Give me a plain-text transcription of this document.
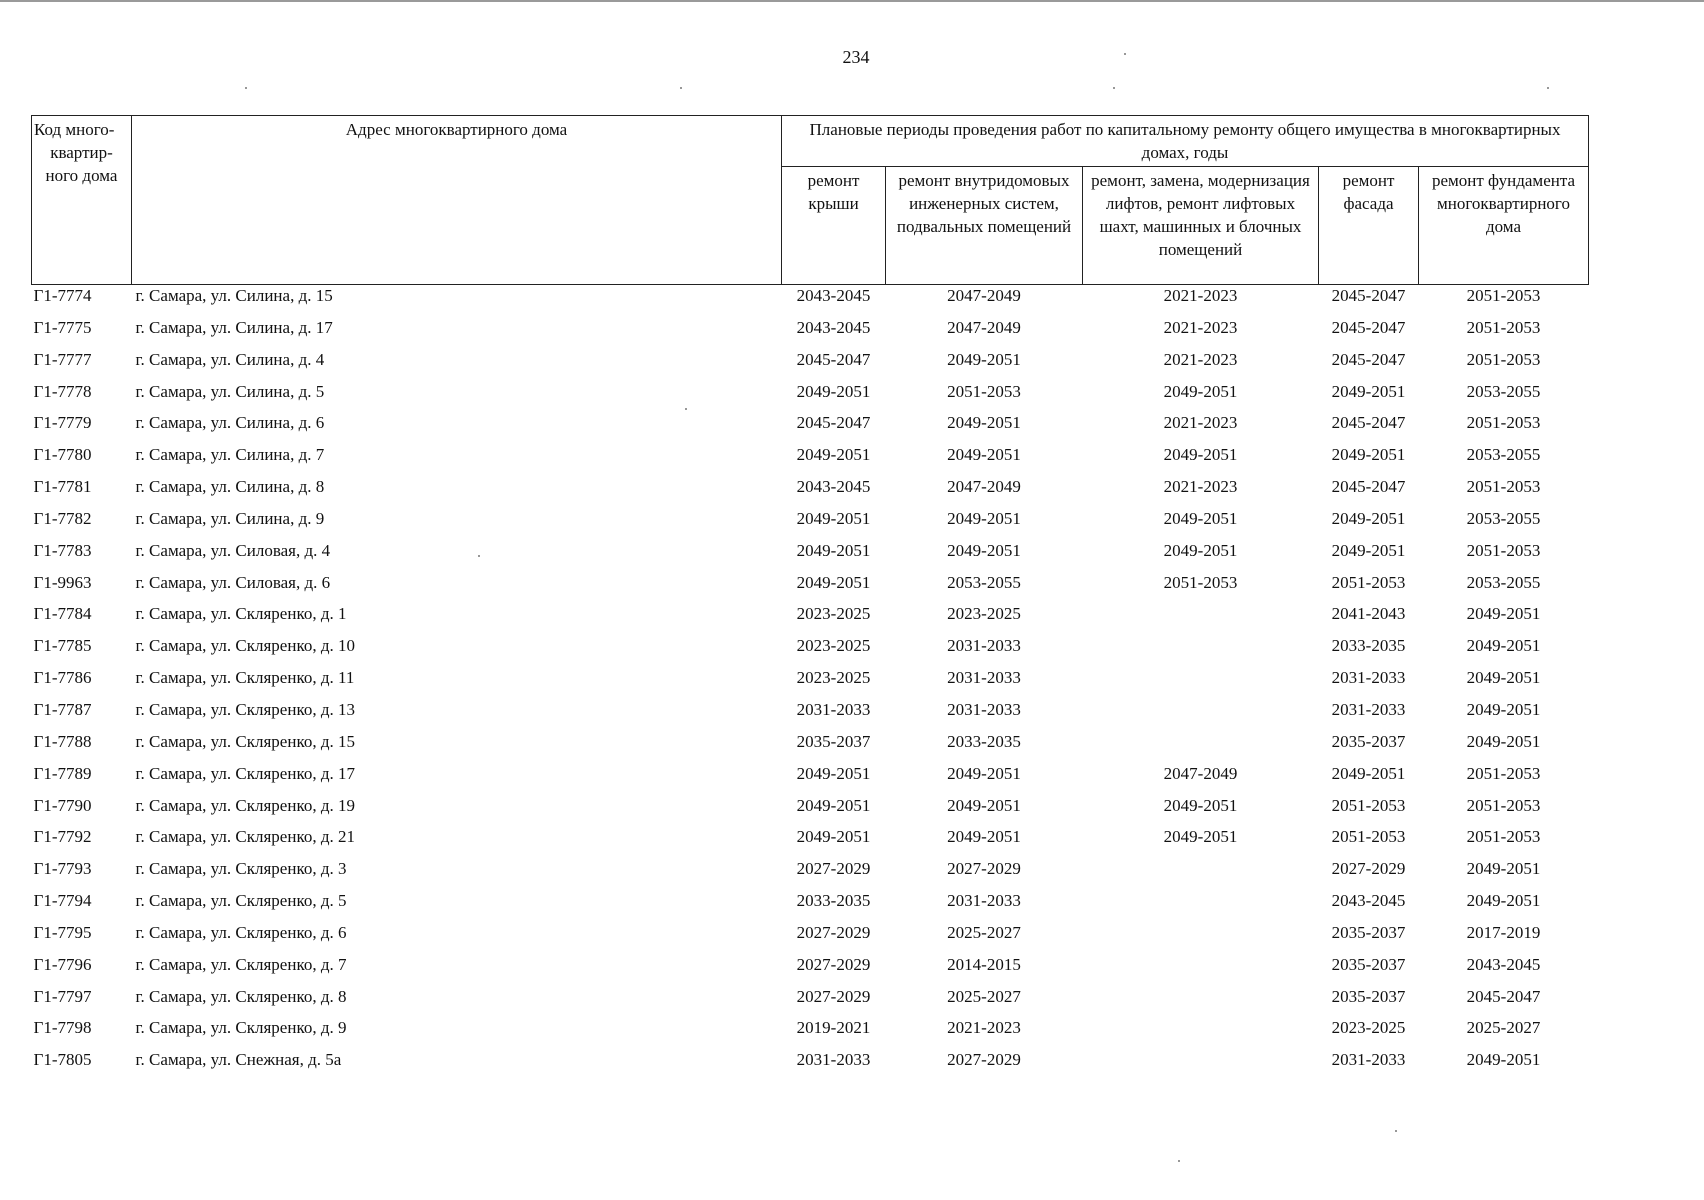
234
Код много-
квартир-
ного дома	Адрес многоквартирного дома	Плановые периоды проведения работ по капитальному ремонту общего имущества в многоквартирных домах, годы				
		ремонт крыши	ремонт внутридомовых инженерных систем, подвальных помещений	ремонт, замена, модернизация лифтов, ремонт лифтовых шахт, машинных и блочных помещений	ремонт фасада	ремонт фундамента многоквартирного дома
Г1-7774	г. Самара, ул. Силина, д. 15	2043-2045	2047-2049	2021-2023	2045-2047	2051-2053
Г1-7775	г. Самара, ул. Силина, д. 17	2043-2045	2047-2049	2021-2023	2045-2047	2051-2053
Г1-7777	г. Самара, ул. Силина, д. 4	2045-2047	2049-2051	2021-2023	2045-2047	2051-2053
Г1-7778	г. Самара, ул. Силина, д. 5	2049-2051	2051-2053	2049-2051	2049-2051	2053-2055
Г1-7779	г. Самара, ул. Силина, д. 6	2045-2047	2049-2051	2021-2023	2045-2047	2051-2053
Г1-7780	г. Самара, ул. Силина, д. 7	2049-2051	2049-2051	2049-2051	2049-2051	2053-2055
Г1-7781	г. Самара, ул. Силина, д. 8	2043-2045	2047-2049	2021-2023	2045-2047	2051-2053
Г1-7782	г. Самара, ул. Силина, д. 9	2049-2051	2049-2051	2049-2051	2049-2051	2053-2055
Г1-7783	г. Самара, ул. Силовая, д. 4	2049-2051	2049-2051	2049-2051	2049-2051	2051-2053
Г1-9963	г. Самара, ул. Силовая, д. 6	2049-2051	2053-2055	2051-2053	2051-2053	2053-2055
Г1-7784	г. Самара, ул. Скляренко, д. 1	2023-2025	2023-2025		2041-2043	2049-2051
Г1-7785	г. Самара, ул. Скляренко, д. 10	2023-2025	2031-2033		2033-2035	2049-2051
Г1-7786	г. Самара, ул. Скляренко, д. 11	2023-2025	2031-2033		2031-2033	2049-2051
Г1-7787	г. Самара, ул. Скляренко, д. 13	2031-2033	2031-2033		2031-2033	2049-2051
Г1-7788	г. Самара, ул. Скляренко, д. 15	2035-2037	2033-2035		2035-2037	2049-2051
Г1-7789	г. Самара, ул. Скляренко, д. 17	2049-2051	2049-2051	2047-2049	2049-2051	2051-2053
Г1-7790	г. Самара, ул. Скляренко, д. 19	2049-2051	2049-2051	2049-2051	2051-2053	2051-2053
Г1-7792	г. Самара, ул. Скляренко, д. 21	2049-2051	2049-2051	2049-2051	2051-2053	2051-2053
Г1-7793	г. Самара, ул. Скляренко, д. 3	2027-2029	2027-2029		2027-2029	2049-2051
Г1-7794	г. Самара, ул. Скляренко, д. 5	2033-2035	2031-2033		2043-2045	2049-2051
Г1-7795	г. Самара, ул. Скляренко, д. 6	2027-2029	2025-2027		2035-2037	2017-2019
Г1-7796	г. Самара, ул. Скляренко, д. 7	2027-2029	2014-2015		2035-2037	2043-2045
Г1-7797	г. Самара, ул. Скляренко, д. 8	2027-2029	2025-2027		2035-2037	2045-2047
Г1-7798	г. Самара, ул. Скляренко, д. 9	2019-2021	2021-2023		2023-2025	2025-2027
Г1-7805	г. Самара, ул. Снежная, д. 5а	2031-2033	2027-2029		2031-2033	2049-2051
